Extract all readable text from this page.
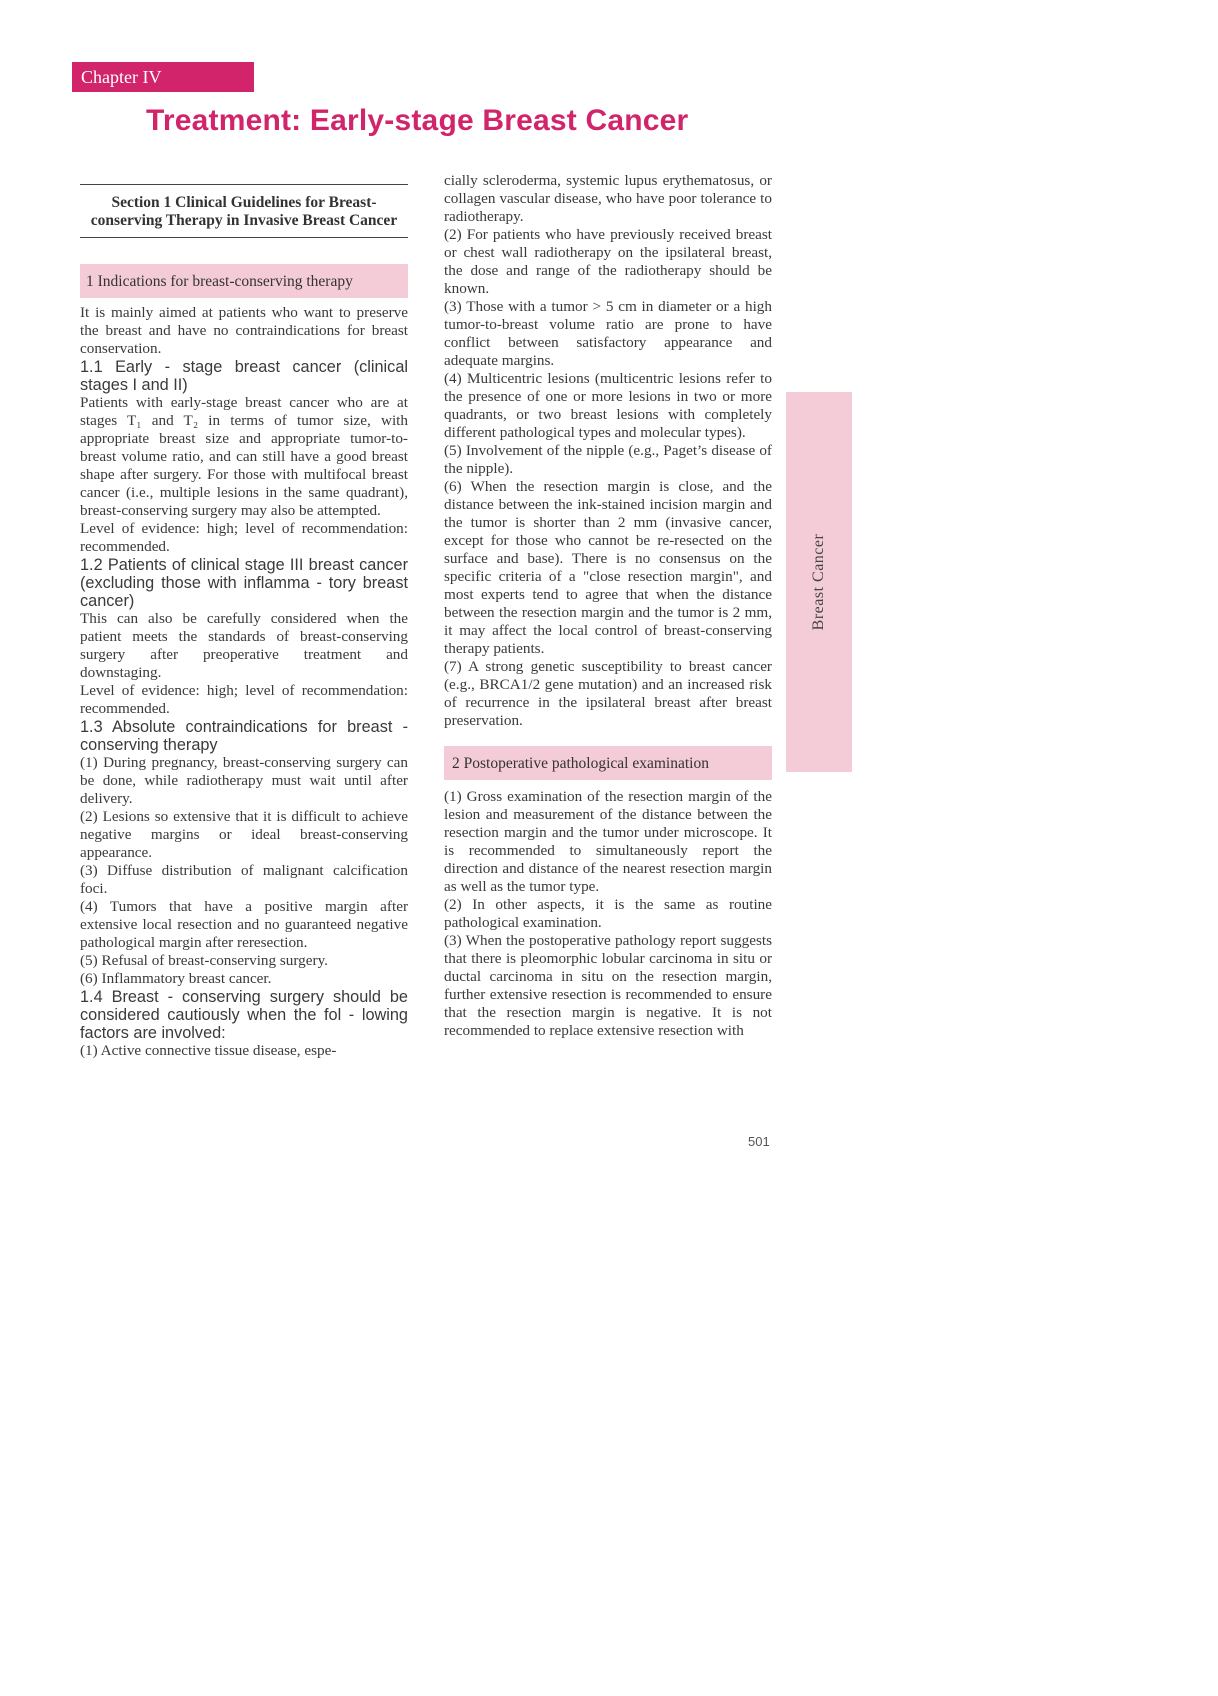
Chapter IV
Treatment: Early-stage Breast Cancer
Section 1 Clinical Guidelines for Breast-conserving Therapy in Invasive Breast Cancer
1 Indications for breast-conserving therapy

It is mainly aimed at patients who want to preserve the breast and have no contraindications for breast conservation.

1.1 Early - stage breast cancer (clinical stages I and II)

Patients with early-stage breast cancer who are at stages T₁ and T₂ in terms of tumor size, with appropriate breast size and appropriate tumor-to-breast volume ratio, and can still have a good breast shape after surgery. For those with multifocal breast cancer (i.e., multiple lesions in the same quadrant), breast-conserving surgery may also be attempted.

Level of evidence: high; level of recommendation: recommended.

1.2 Patients of clinical stage III breast cancer (excluding those with inflamma - tory breast cancer)

This can also be carefully considered when the patient meets the standards of breast-conserving surgery after preoperative treatment and downstaging.

Level of evidence: high; level of recommendation: recommended.

1.3 Absolute contraindications for breast - conserving therapy

(1) During pregnancy, breast-conserving surgery can be done, while radiotherapy must wait until after delivery.

(2) Lesions so extensive that it is difficult to achieve negative margins or ideal breast-conserving appearance.

(3) Diffuse distribution of malignant calcification foci.

(4) Tumors that have a positive margin after extensive local resection and no guaranteed negative pathological margin after reresection.

(5) Refusal of breast-conserving surgery.

(6) Inflammatory breast cancer.

1.4 Breast - conserving surgery should be considered cautiously when the fol - lowing factors are involved:

(1) Active connective tissue disease, espe-

cially scleroderma, systemic lupus erythematosus, or collagen vascular disease, who have poor tolerance to radiotherapy.

(2) For patients who have previously received breast or chest wall radiotherapy on the ipsilateral breast, the dose and range of the radiotherapy should be known.

(3) Those with a tumor > 5 cm in diameter or a high tumor-to-breast volume ratio are prone to have conflict between satisfactory appearance and adequate margins.

(4) Multicentric lesions (multicentric lesions refer to the presence of one or more lesions in two or more quadrants, or two breast lesions with completely different pathological types and molecular types).

(5) Involvement of the nipple (e.g., Paget’s disease of the nipple).

(6) When the resection margin is close, and the distance between the ink-stained incision margin and the tumor is shorter than 2 mm (invasive cancer, except for those who cannot be re-resected on the surface and base). There is no consensus on the specific criteria of a "close resection margin", and most experts tend to agree that when the distance between the resection margin and the tumor is 2 mm, it may affect the local control of breast-conserving therapy patients.

(7) A strong genetic susceptibility to breast cancer (e.g., BRCA1/2 gene mutation) and an increased risk of recurrence in the ipsilateral breast after breast preservation.

2 Postoperative pathological examination

(1) Gross examination of the resection margin of the lesion and measurement of the distance between the resection margin and the tumor under microscope. It is recommended to simultaneously report the direction and distance of the nearest resection margin as well as the tumor type.

(2) In other aspects, it is the same as routine pathological examination.

(3) When the postoperative pathology report suggests that there is pleomorphic lobular carcinoma in situ or ductal carcinoma in situ on the resection margin, further extensive resection is recommended to ensure that the resection margin is negative. It is not recommended to replace extensive resection with

Breast Cancer
501
